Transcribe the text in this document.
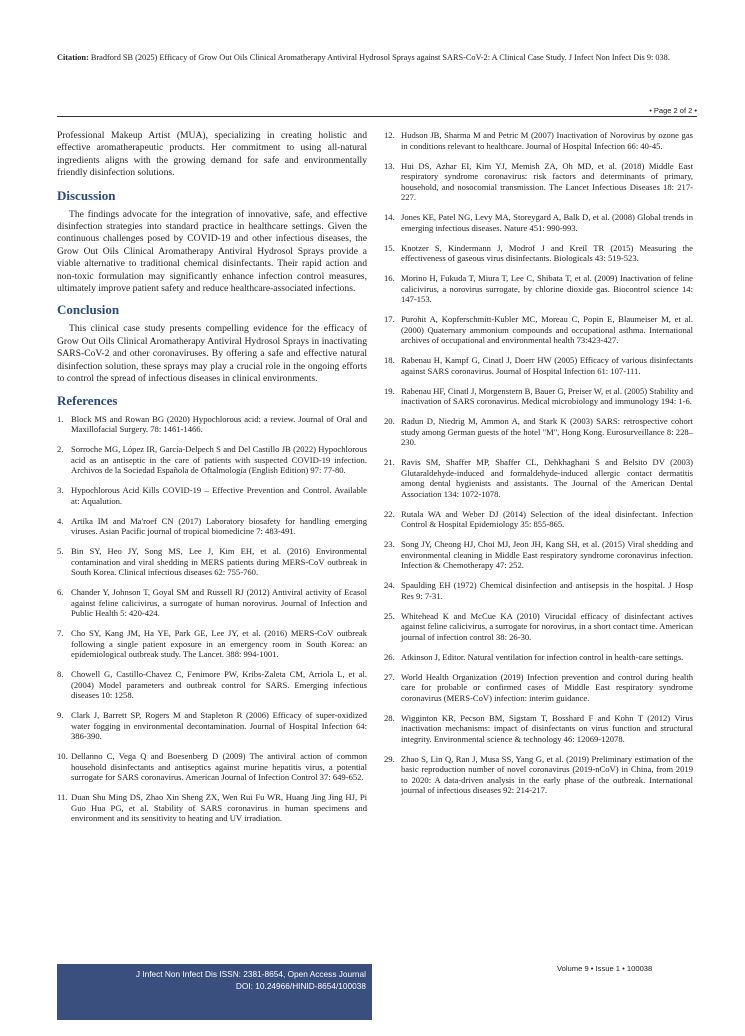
Citation: Bradford SB (2025) Efficacy of Grow Out Oils Clinical Aromatherapy Antiviral Hydrosol Sprays against SARS-CoV-2: A Clinical Case Study. J Infect Non Infect Dis 9: 038.
• Page 2 of 2 •

Professional Makeup Artist (MUA), specializing in creating holistic and effective aromatherapeutic products. Her commitment to using all-natural ingredients aligns with the growing demand for safe and environmentally friendly disinfection solutions.

Discussion

The findings advocate for the integration of innovative, safe, and effective disinfection strategies into standard practice in healthcare settings. Given the continuous challenges posed by COVID-19 and other infectious diseases, the Grow Out Oils Clinical Aromatherapy Antiviral Hydrosol Sprays provide a viable alternative to traditional chemical disinfectants. Their rapid action and non-toxic formulation may significantly enhance infection control measures, ultimately improve patient safety and reduce healthcare-associated infections.

Conclusion

This clinical case study presents compelling evidence for the efficacy of Grow Out Oils Clinical Aromatherapy Antiviral Hydrosol Sprays in inactivating SARS-CoV-2 and other coronaviruses. By offering a safe and effective natural disinfection solution, these sprays may play a crucial role in the ongoing efforts to control the spread of infectious diseases in clinical environments.

References
1. Block MS and Rowan BG (2020) Hypochlorous acid: a review. Journal of Oral and Maxillofacial Surgery. 78: 1461-1466.
2. Sorroche MG, López IR, García-Delpech S and Del Castillo JB (2022) Hypochlorous acid as an antiseptic in the care of patients with suspected COVID-19 infection. Archivos de la Sociedad Española de Oftalmología (English Edition) 97: 77-80.
3. Hypochlorous Acid Kills COVID-19 – Effective Prevention and Control. Available at: Aqualution.
4. Artika IM and Ma'roef CN (2017) Laboratory biosafety for handling emerging viruses. Asian Pacific journal of tropical biomedicine 7: 483-491.
5. Bin SY, Heo JY, Song MS, Lee J, Kim EH, et al. (2016) Environmental contamination and viral shedding in MERS patients during MERS-CoV outbreak in South Korea. Clinical infectious diseases 62: 755-760.
6. Chander Y, Johnson T, Goyal SM and Russell RJ (2012) Antiviral activity of Ecasol against feline calicivirus, a surrogate of human norovirus. Journal of Infection and Public Health 5: 420-424.
7. Cho SY, Kang JM, Ha YE, Park GE, Lee JY, et al. (2016) MERS-CoV outbreak following a single patient exposure in an emergency room in South Korea: an epidemiological outbreak study. The Lancet. 388: 994-1001.
8. Chowell G, Castillo-Chavez C, Fenimore PW, Kribs-Zaleta CM, Arriola L, et al. (2004) Model parameters and outbreak control for SARS. Emerging infectious diseases 10: 1258.
9. Clark J, Barrett SP, Rogers M and Stapleton R (2006) Efficacy of super-oxidized water fogging in environmental decontamination. Journal of Hospital Infection 64: 386-390.
10. Dellanno C, Vega Q and Boesenberg D (2009) The antiviral action of common household disinfectants and antiseptics against murine hepatitis virus, a potential surrogate for SARS coronavirus. American Journal of Infection Control 37: 649-652.
11. Duan Shu Ming DS, Zhao Xin Sheng ZX, Wen Rui Fu WR, Huang Jing Jing HJ, Pi Guo Hua PG, et al. Stability of SARS coronavirus in human specimens and environment and its sensitivity to heating and UV irradiation.
12. Hudson JB, Sharma M and Petric M (2007) Inactivation of Norovirus by ozone gas in conditions relevant to healthcare. Journal of Hospital Infection 66: 40-45.
13. Hui DS, Azhar EI, Kim YJ, Memish ZA, Oh MD, et al. (2018) Middle East respiratory syndrome coronavirus: risk factors and determinants of primary, household, and nosocomial transmission. The Lancet Infectious Diseases 18: 217-227.
14. Jones KE, Patel NG, Levy MA, Storeygard A, Balk D, et al. (2008) Global trends in emerging infectious diseases. Nature 451: 990-993.
15. Knotzer S, Kindermann J, Modrof J and Kreil TR (2015) Measuring the effectiveness of gaseous virus disinfectants. Biologicals 43: 519-523.
16. Morino H, Fukuda T, Miura T, Lee C, Shibata T, et al. (2009) Inactivation of feline calicivirus, a norovirus surrogate, by chlorine dioxide gas. Biocontrol science 14: 147-153.
17. Purohit A, Kopferschmitt-Kubler MC, Moreau C, Popin E, Blaumeiser M, et al. (2000) Quaternary ammonium compounds and occupational asthma. International archives of occupational and environmental health 73:423-427.
18. Rabenau H, Kampf G, Cinatl J, Doerr HW (2005) Efficacy of various disinfectants against SARS coronavirus. Journal of Hospital Infection 61: 107-111.
19. Rabenau HF, Cinatl J, Morgenstern B, Bauer G, Preiser W, et al. (2005) Stability and inactivation of SARS coronavirus. Medical microbiology and immunology 194: 1-6.
20. Radun D, Niedrig M, Ammon A, and Stark K (2003) SARS: retrospective cohort study among German guests of the hotel "M", Hong Kong. Eurosurveillance 8: 228–230.
21. Ravis SM, Shaffer MP, Shaffer CL, Dehkhaghani S and Belsito DV (2003) Glutaraldehyde-induced and formaldehyde-induced allergic contact dermatitis among dental hygienists and assistants. The Journal of the American Dental Association 134: 1072-1078.
22. Rutala WA and Weber DJ (2014) Selection of the ideal disinfectant. Infection Control & Hospital Epidemiology 35: 855-865.
23. Song JY, Cheong HJ, Choi MJ, Jeon JH, Kang SH, et al. (2015) Viral shedding and environmental cleaning in Middle East respiratory syndrome coronavirus infection. Infection & Chemotherapy 47: 252.
24. Spaulding EH (1972) Chemical disinfection and antisepsis in the hospital. J Hosp Res 9: 7-31.
25. Whitehead K and McCue KA (2010) Virucidal efficacy of disinfectant actives against feline calicivirus, a surrogate for norovirus, in a short contact time. American journal of infection control 38: 26-30.
26. Atkinson J, Editor. Natural ventilation for infection control in health-care settings.
27. World Health Organization (2019) Infection prevention and control during health care for probable or confirmed cases of Middle East respiratory syndrome coronavirus (MERS-CoV) infection: interim guidance.
28. Wigginton KR, Pecson BM, Sigstam T, Bosshard F and Kohn T (2012) Virus inactivation mechanisms: impact of disinfectants on virus function and structural integrity. Environmental science & technology 46: 12069-12078.
29. Zhao S, Lin Q, Ran J, Musa SS, Yang G, et al. (2019) Preliminary estimation of the basic reproduction number of novel coronavirus (2019-nCoV) in China, from 2019 to 2020: A data-driven analysis in the early phase of the outbreak. International journal of infectious diseases 92: 214-217.
J Infect Non Infect Dis ISSN: 2381-8654, Open Access Journal
DOI: 10.24966/HINID-8654/100038
Volume 9 • Issue 1 • 100038
